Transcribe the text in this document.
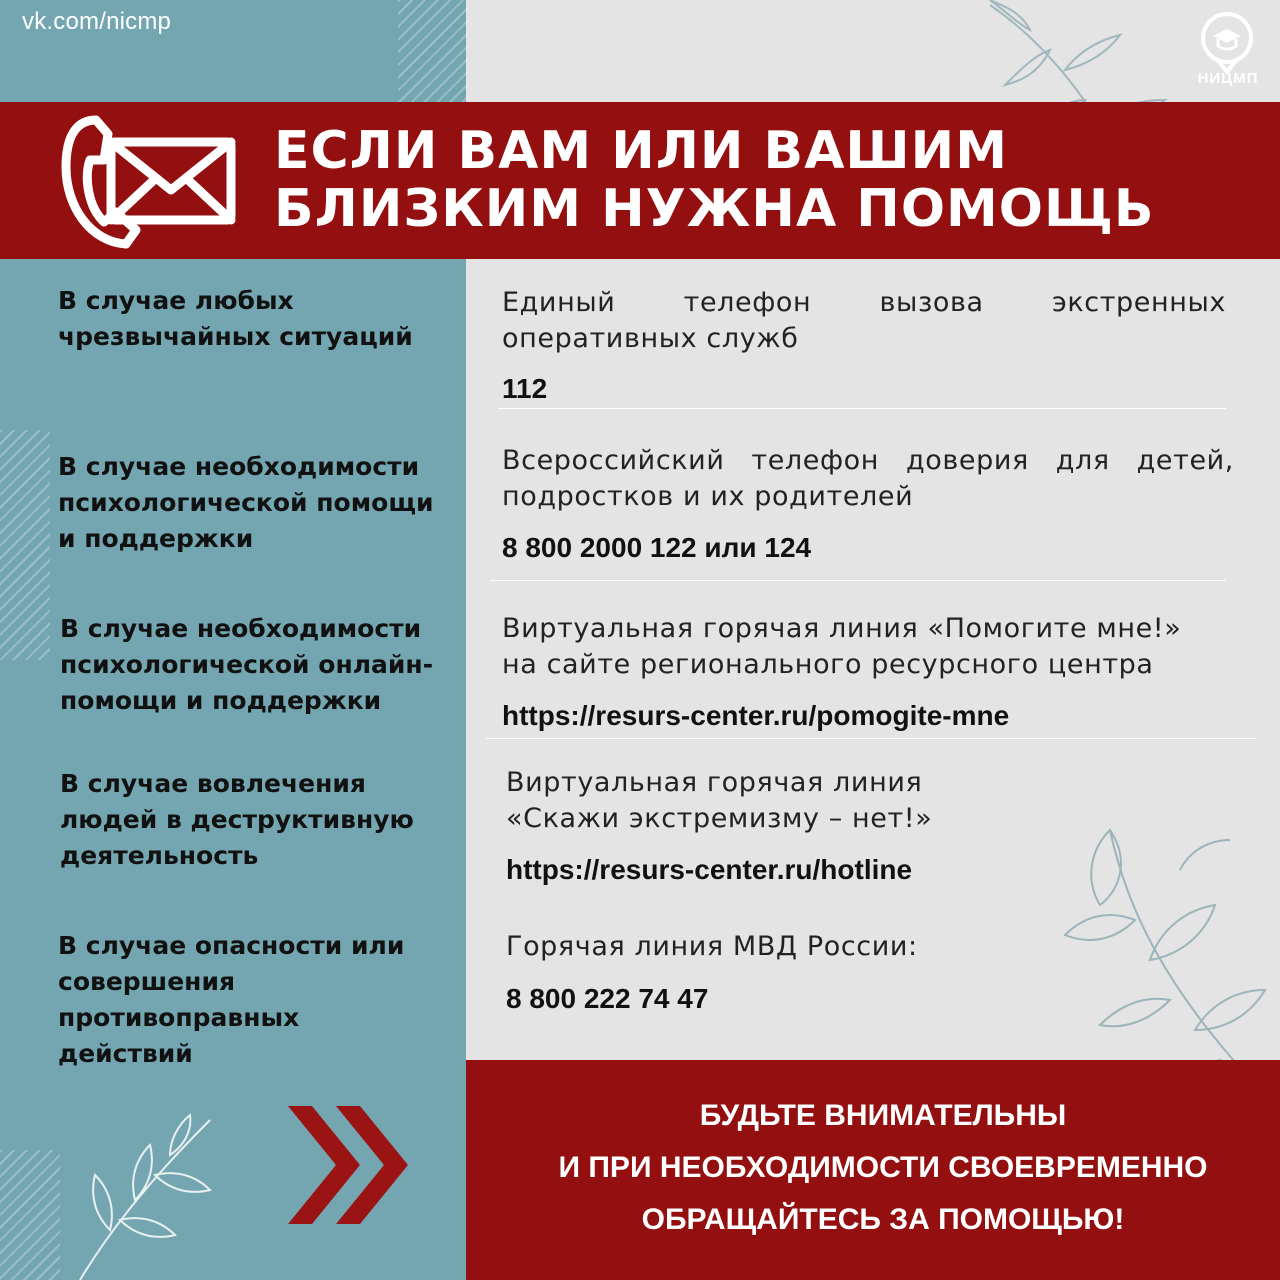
vk.com/nicmp
НИЦМП
ЕСЛИ ВАМ ИЛИ ВАШИМ
БЛИЗКИМ НУЖНА ПОМОЩЬ

В случае любых чрезвычайных ситуаций

Единый телефон вызова экстренных оперативных служб

112

В случае необходимости психологической помощи и поддержки

Всероссийский телефон доверия для детей, подростков и их родителей

8 800 2000 122 или 124

В случае необходимости психологической онлайн-помощи и поддержки

Виртуальная горячая линия «Помогите мне!»
на сайте регионального ресурсного центра

https://resurs-center.ru/pomogite-mne

В случае вовлечения людей в деструктивную деятельность

Виртуальная горячая линия
«Скажи экстремизму – нет!»

https://resurs-center.ru/hotline

В случае опасности или совершения противоправных действий

Горячая линия МВД России:

8 800 222 74 47

БУДЬТЕ ВНИМАТЕЛЬНЫ
И ПРИ НЕОБХОДИМОСТИ СВОЕВРЕМЕННО
ОБРАЩАЙТЕСЬ ЗА ПОМОЩЬЮ!
